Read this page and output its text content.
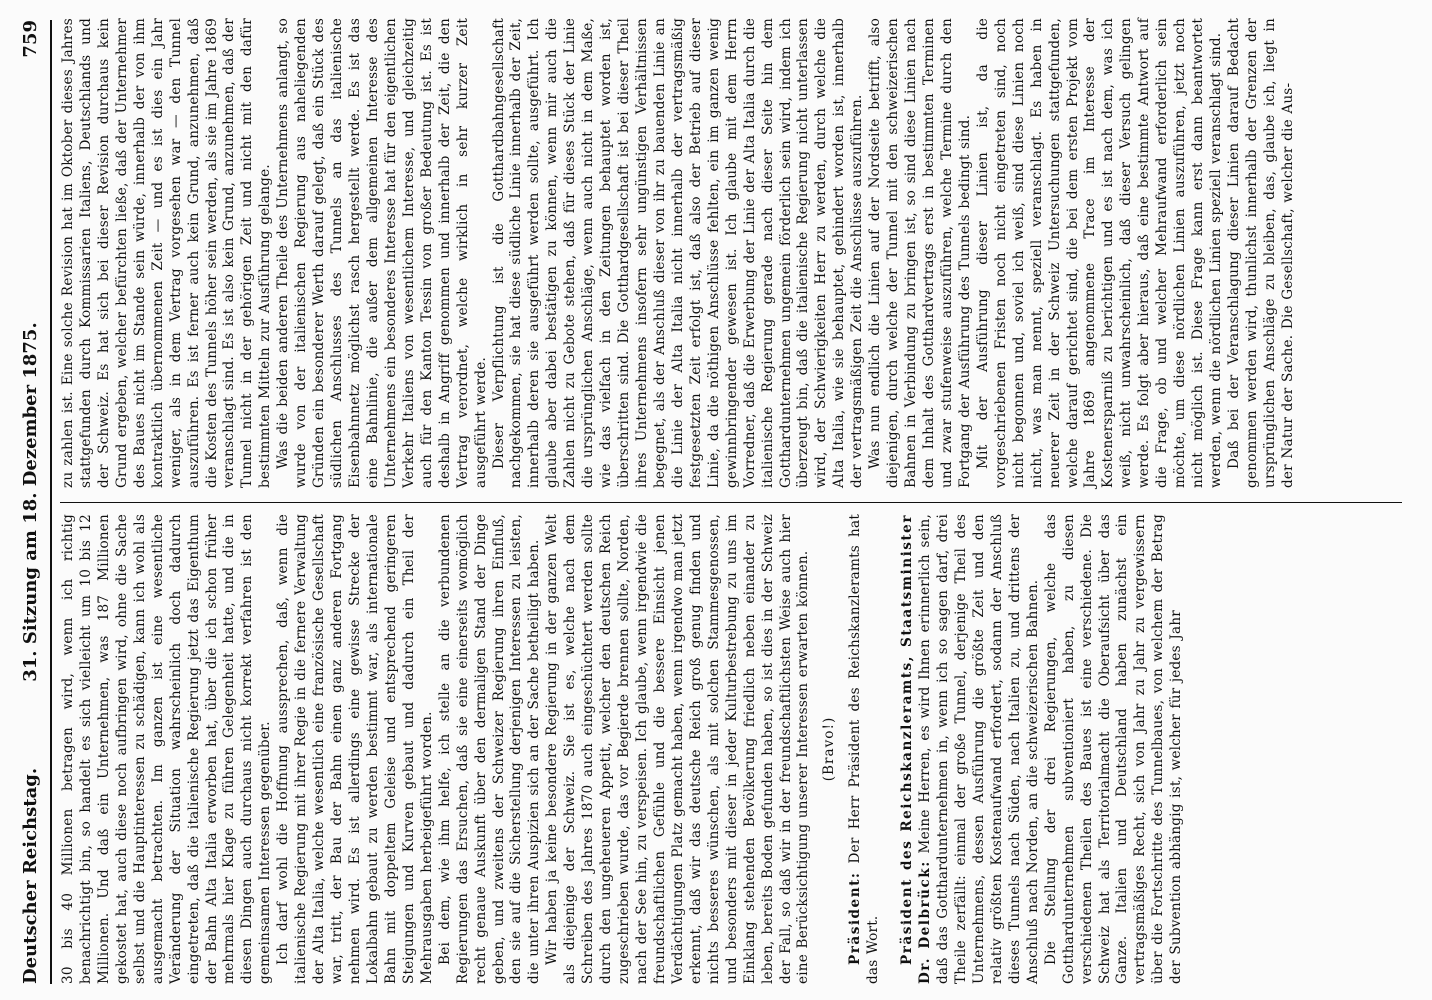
Deutscher Reichstag.
31. Sitzung am 18. Dezember 1875.
759

30 bis 40 Millionen betragen wird, wenn ich richtig benachrichtigt bin, so handelt es sich vielleicht um 10 bis 12 Millionen. Und daß ein Unternehmen, was 187 Millionen gekostet hat, auch diese noch aufbringen wird, ohne die Sache selbst und die Hauptinteressen zu schädigen, kann ich wohl als ausgemacht betrachten. Im ganzen ist eine wesentliche Veränderung der Situation wahrscheinlich doch dadurch eingetreten, daß die italienische Regierung jetzt das Eigenthum der Bahn Alta Italia erworben hat, über die ich schon früher mehrmals hier Klage zu führen Gelegenheit hatte, und die in diesen Dingen auch durchaus nicht korrekt verfahren ist den gemeinsamen Interessen gegenüber. Ich darf wohl die Hoffnung aussprechen, daß, wenn die italienische Regierung mit ihrer Regie in die fernere Verwaltung der Alta Italia, welche wesentlich eine französische Gesellschaft war, tritt, der Bau der Bahn einen ganz anderen Fortgang nehmen wird. Es ist allerdings eine gewisse Strecke der Lokalbahn gebaut zu werden bestimmt war, als internationale Bahn mit doppeltem Geleise und entsprechend geringeren Steigungen und Kurven gebaut und dadurch ein Theil der Mehrausgaben herbeigeführt worden. Bei dem, wie ihm helfe, ich stelle an die verbundenen Regierungen das Ersuchen, daß sie eine einerseits womöglich recht genaue Auskunft über den dermaligen Stand der Dinge geben, und zweitens der Schweizer Regierung ihren Einfluß, den sie auf die Sicherstellung derjenigen Interessen zu leisten, die unter ihren Auspizien sich an der Sache betheiligt haben. Wir haben ja keine besondere Regierung in der ganzen Welt als diejenige der Schweiz. Sie ist es, welche nach dem Schreiben des Jahres 1870 auch eingeschüchtert werden sollte durch den ungeheueren Appetit, welcher den deutschen Reich zugeschrieben wurde, das vor Begierde brennen sollte, Norden, nach der See hin, zu verspeisen. Ich glaube, wenn irgendwie die freundschaftlichen Gefühle und die bessere Einsicht jenen Verdächtigungen Platz gemacht haben, wenn irgendwo man jetzt erkennt, daß wir das deutsche Reich groß genug finden und nichts besseres wünschen, als mit solchen Stammesgenossen, und besonders mit dieser in jeder Kulturbestrebung zu uns im Einklang stehenden Bevölkerung friedlich neben einander zu leben, bereits Boden gefunden haben, so ist dies in der Schweiz der Fall, so daß wir in der freundschaftlichsten Weise auch hier eine Berücksichtigung unserer Interessen erwarten können. (Bravo!)

Präsident: Der Herr Präsident des Reichskanzleramts hat das Wort. Präsident des Reichskanzleramts, Staatsminister Dr. Delbrück: Meine Herren, es wird Ihnen erinnerlich sein, daß das Gotthardunternehmen in, wenn ich so sagen darf, drei Theile zerfällt: einmal der große Tunnel, derjenige Theil des Unternehmens, dessen Ausführung die größte Zeit und den relativ größten Kostenaufwand erfordert, sodann der Anschluß dieses Tunnels nach Süden, nach Italien zu, und drittens der Anschluß nach Norden, an die schweizerischen Bahnen. Die Stellung der drei Regierungen, welche das Gotthardunternehmen subventioniert haben, zu diesen verschiedenen Theilen des Baues ist eine verschiedene. Die Schweiz hat als Territorialmacht die Oberaufsicht über das Ganze. Italien und Deutschland haben zunächst ein vertragsmäßiges Recht, sich von Jahr zu Jahr zu vergewissern über die Fortschritte des Tunnelbaues, von welchem der Betrag der Subvention abhängig ist, welcher für jedes Jahr

zu zahlen ist. Eine solche Revision hat im Oktober dieses Jahres stattgefunden durch Kommissarien Italiens, Deutschlands und der Schweiz. Es hat sich bei dieser Revision durchaus kein Grund ergeben, welcher befürchten ließe, daß der Unternehmer des Baues nicht im Stande sein würde, innerhalb der von ihm kontraktlich übernommenen Zeit — und es ist dies ein Jahr weniger, als in dem Vertrag vorgesehen war — den Tunnel auszuführen. Es ist ferner auch kein Grund, anzunehmen, daß die Kosten des Tunnels höher sein werden, als sie im Jahre 1869 veranschlagt sind. Es ist also kein Grund, anzunehmen, daß der Tunnel nicht in der gehörigen Zeit und nicht mit den dafür bestimmten Mitteln zur Ausführung gelange. Was die beiden anderen Theile des Unternehmens anlangt, so wurde von der italienischen Regierung aus naheliegenden Gründen ein besonderer Werth darauf gelegt, daß ein Stück des südlichen Anschlusses des Tunnels an das italienische Eisenbahnnetz möglichst rasch hergestellt werde. Es ist das eine Bahnlinie, die außer dem allgemeinen Interesse des Unternehmens ein besonderes Interesse hat für den eigentlichen Verkehr Italiens von wesentlichem Interesse, und gleichzeitig auch für den Kanton Tessin von großer Bedeutung ist. Es ist deshalb in Angriff genommen und innerhalb der Zeit, die den Vertrag verordnet, welche wirklich in sehr kurzer Zeit ausgeführt werde. Dieser Verpflichtung ist die Gotthardbahngesellschaft nachgekommen, sie hat diese südliche Linie innerhalb der Zeit, innerhalb deren sie ausgeführt werden sollte, ausgeführt. Ich glaube aber dabei bestätigen zu können, wenn mir auch die Zahlen nicht zu Gebote stehen, daß für dieses Stück der Linie die ursprünglichen Anschläge, wenn auch nicht in dem Maße, wie das vielfach in den Zeitungen behauptet worden ist, überschritten sind. Die Gotthardgesellschaft ist bei dieser Theil ihres Unternehmens insofern sehr ungünstigen Verhältnissen begegnet, als der Anschluß dieser von ihr zu bauenden Linie an die Linie der Alta Italia nicht innerhalb der vertragsmäßig festgesetzten Zeit erfolgt ist, daß also der Betrieb auf dieser Linie, da die nöthigen Anschlüsse fehlten, ein im ganzen wenig gewinnbringender gewesen ist. Ich glaube mit dem Herrn Vorredner, daß die Erwerbung der Linie der Alta Italia durch die italienische Regierung gerade nach dieser Seite hin dem Gotthardunternehmen ungemein förderlich sein wird, indem ich überzeugt bin, daß die italienische Regierung nicht unterlassen wird, der Schwierigkeiten Herr zu werden, durch welche die Alta Italia, wie sie behauptet, gehindert worden ist, innerhalb der vertragsmäßigen Zeit die Anschlüsse auszuführen. Was nun endlich die Linien auf der Nordseite betrifft, also diejenigen, durch welche der Tunnel mit den schweizerischen Bahnen in Verbindung zu bringen ist, so sind diese Linien nach dem Inhalt des Gotthardvertrags erst in bestimmten Terminen und zwar stufenweise auszuführen, welche Termine durch den Fortgang der Ausführung des Tunnels bedingt sind. Mit der Ausführung dieser Linien ist, da die vorgeschriebenen Fristen noch nicht eingetreten sind, noch nicht begonnen und, soviel ich weiß, sind diese Linien noch nicht, was man nennt, speziell veranschlagt. Es haben in neuerer Zeit in der Schweiz Untersuchungen stattgefunden, welche darauf gerichtet sind, die bei dem ersten Projekt vom Jahre 1869 angenommene Trace im Interesse der Kostenersparniß zu berichtigen und es ist nach dem, was ich weiß, nicht unwahrscheinlich, daß dieser Versuch gelingen werde. Es folgt aber hieraus, daß eine bestimmte Antwort auf die Frage, ob und welcher Mehraufwand erforderlich sein möchte, um diese nördlichen Linien auszuführen, jetzt noch nicht möglich ist. Diese Frage kann erst dann beantwortet werden, wenn die nördlichen Linien speziell veranschlagt sind. Daß bei der Veranschlagung dieser Linien darauf Bedacht genommen werden wird, thunlichst innerhalb der Grenzen der ursprünglichen Anschläge zu bleiben, das, glaube ich, liegt in der Natur der Sache. Die Gesellschaft, welcher die Aus-
